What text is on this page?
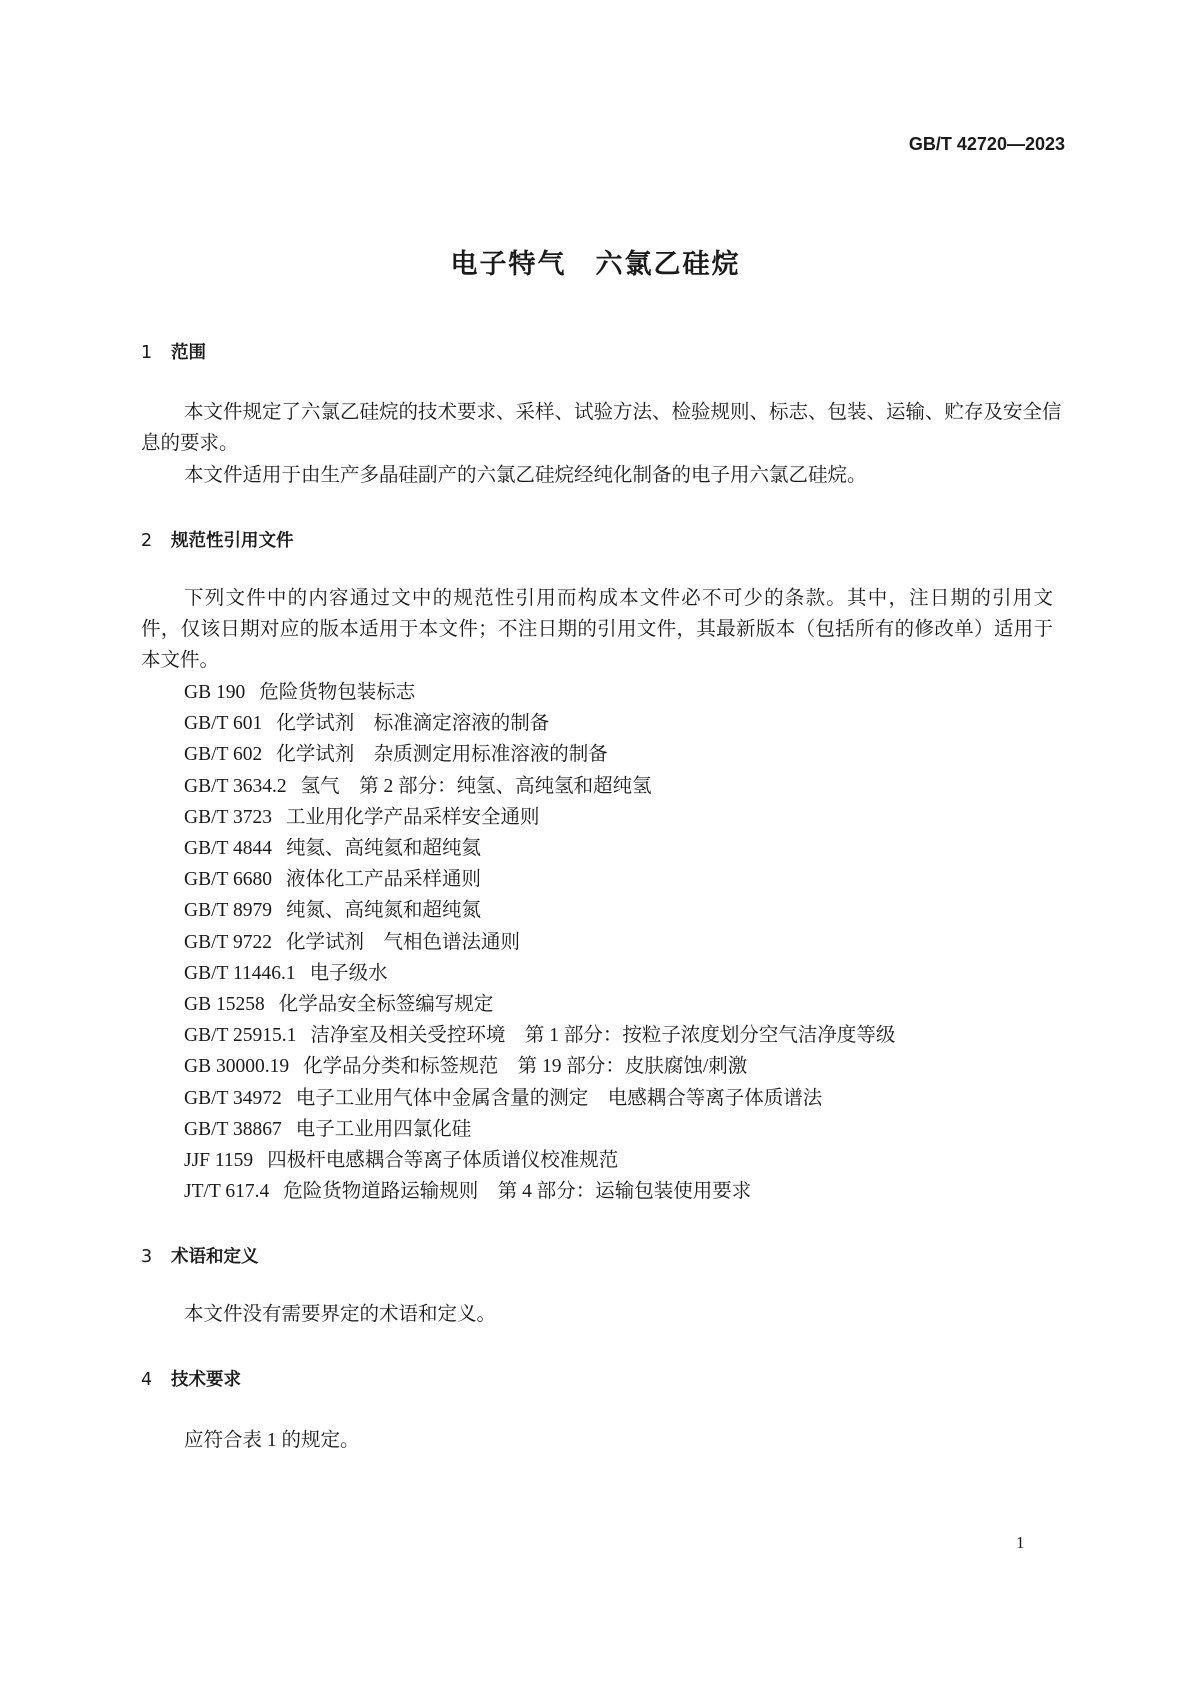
GB/T 42720—2023
电子特气　六氯乙硅烷
1 范围
本文件规定了六氯乙硅烷的技术要求、采样、试验方法、检验规则、标志、包装、运输、贮存及安全信
息的要求。
本文件适用于由生产多晶硅副产的六氯乙硅烷经纯化制备的电子用六氯乙硅烷。
2 规范性引用文件
下列文件中的内容通过文中的规范性引用而构成本文件必不可少的条款。其中，注日期的引用文
件，仅该日期对应的版本适用于本文件；不注日期的引用文件，其最新版本（包括所有的修改单）适用于
本文件。
GB 190 危险货物包装标志
GB/T 601 化学试剂　标准滴定溶液的制备
GB/T 602 化学试剂　杂质测定用标准溶液的制备
GB/T 3634.2 氢气　第 2 部分：纯氢、高纯氢和超纯氢
GB/T 3723 工业用化学产品采样安全通则
GB/T 4844 纯氦、高纯氦和超纯氦
GB/T 6680 液体化工产品采样通则
GB/T 8979 纯氮、高纯氮和超纯氮
GB/T 9722 化学试剂　气相色谱法通则
GB/T 11446.1 电子级水
GB 15258 化学品安全标签编写规定
GB/T 25915.1 洁净室及相关受控环境　第 1 部分：按粒子浓度划分空气洁净度等级
GB 30000.19 化学品分类和标签规范　第 19 部分：皮肤腐蚀/刺激
GB/T 34972 电子工业用气体中金属含量的测定　电感耦合等离子体质谱法
GB/T 38867 电子工业用四氯化硅
JJF 1159 四极杆电感耦合等离子体质谱仪校准规范
JT/T 617.4 危险货物道路运输规则　第 4 部分：运输包装使用要求
3 术语和定义
本文件没有需要界定的术语和定义。
4 技术要求
应符合表 1 的规定。
1
